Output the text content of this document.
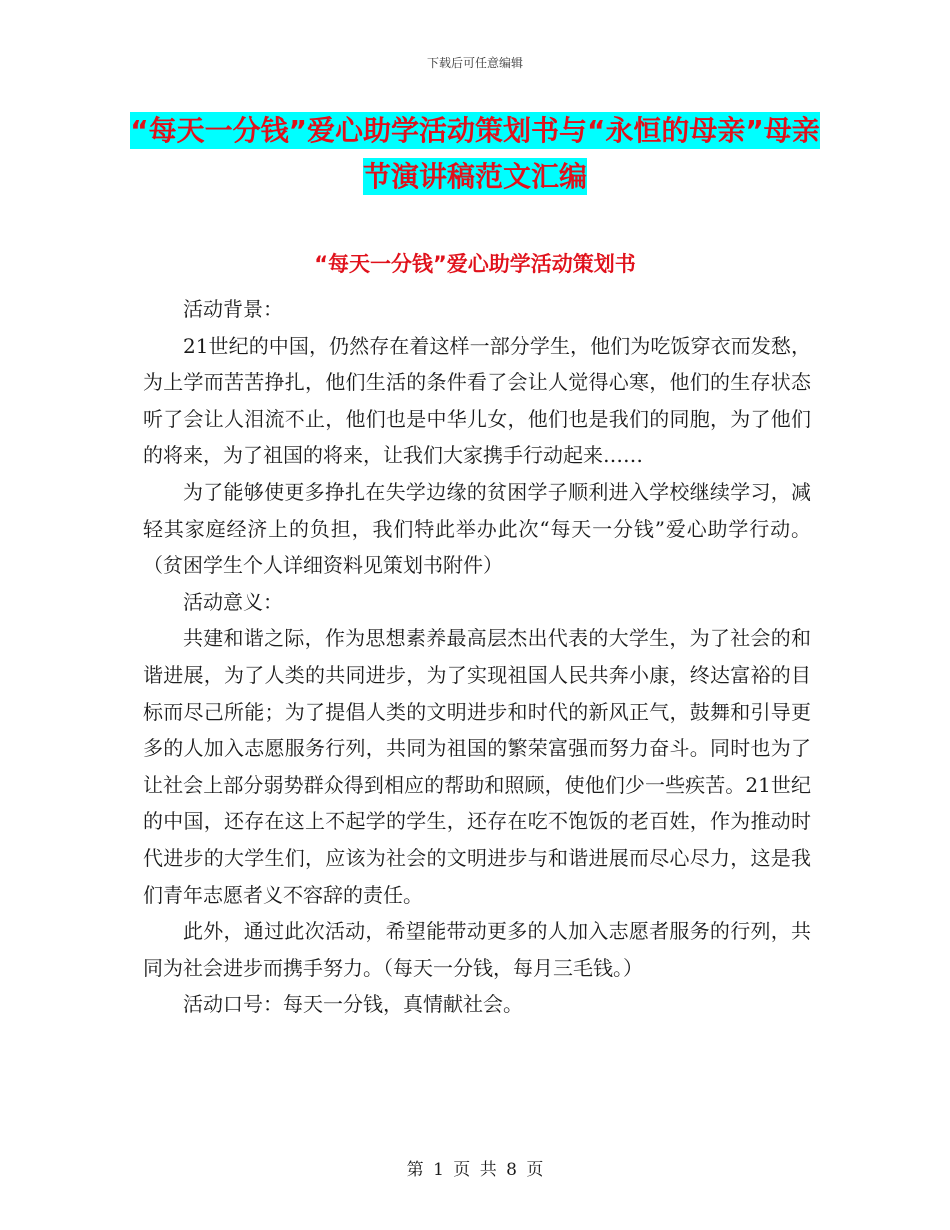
下载后可任意编辑
“每天一分钱”爱心助学活动策划书与“永恒的母亲”母亲节演讲稿范文汇编
“每天一分钱”爱心助学活动策划书

活动背景：

21世纪的中国，仍然存在着这样一部分学生，他们为吃饭穿衣而发愁，为上学而苦苦挣扎，他们生活的条件看了会让人觉得心寒，他们的生存状态听了会让人泪流不止，他们也是中华儿女，他们也是我们的同胞，为了他们的将来，为了祖国的将来，让我们大家携手行动起来……

为了能够使更多挣扎在失学边缘的贫困学子顺利进入学校继续学习，减轻其家庭经济上的负担，我们特此举办此次“每天一分钱”爱心助学行动。（贫困学生个人详细资料见策划书附件）

活动意义：

共建和谐之际，作为思想素养最高层杰出代表的大学生，为了社会的和谐进展，为了人类的共同进步，为了实现祖国人民共奔小康，终达富裕的目标而尽己所能；为了提倡人类的文明进步和时代的新风正气，鼓舞和引导更多的人加入志愿服务行列，共同为祖国的繁荣富强而努力奋斗。同时也为了让社会上部分弱势群众得到相应的帮助和照顾，使他们少一些疾苦。21世纪的中国，还存在这上不起学的学生，还存在吃不饱饭的老百姓，作为推动时代进步的大学生们，应该为社会的文明进步与和谐进展而尽心尽力，这是我们青年志愿者义不容辞的责任。

此外，通过此次活动，希望能带动更多的人加入志愿者服务的行列，共同为社会进步而携手努力。（每天一分钱，每月三毛钱。）

活动口号：每天一分钱，真情献社会。

第 1 页 共 8 页
